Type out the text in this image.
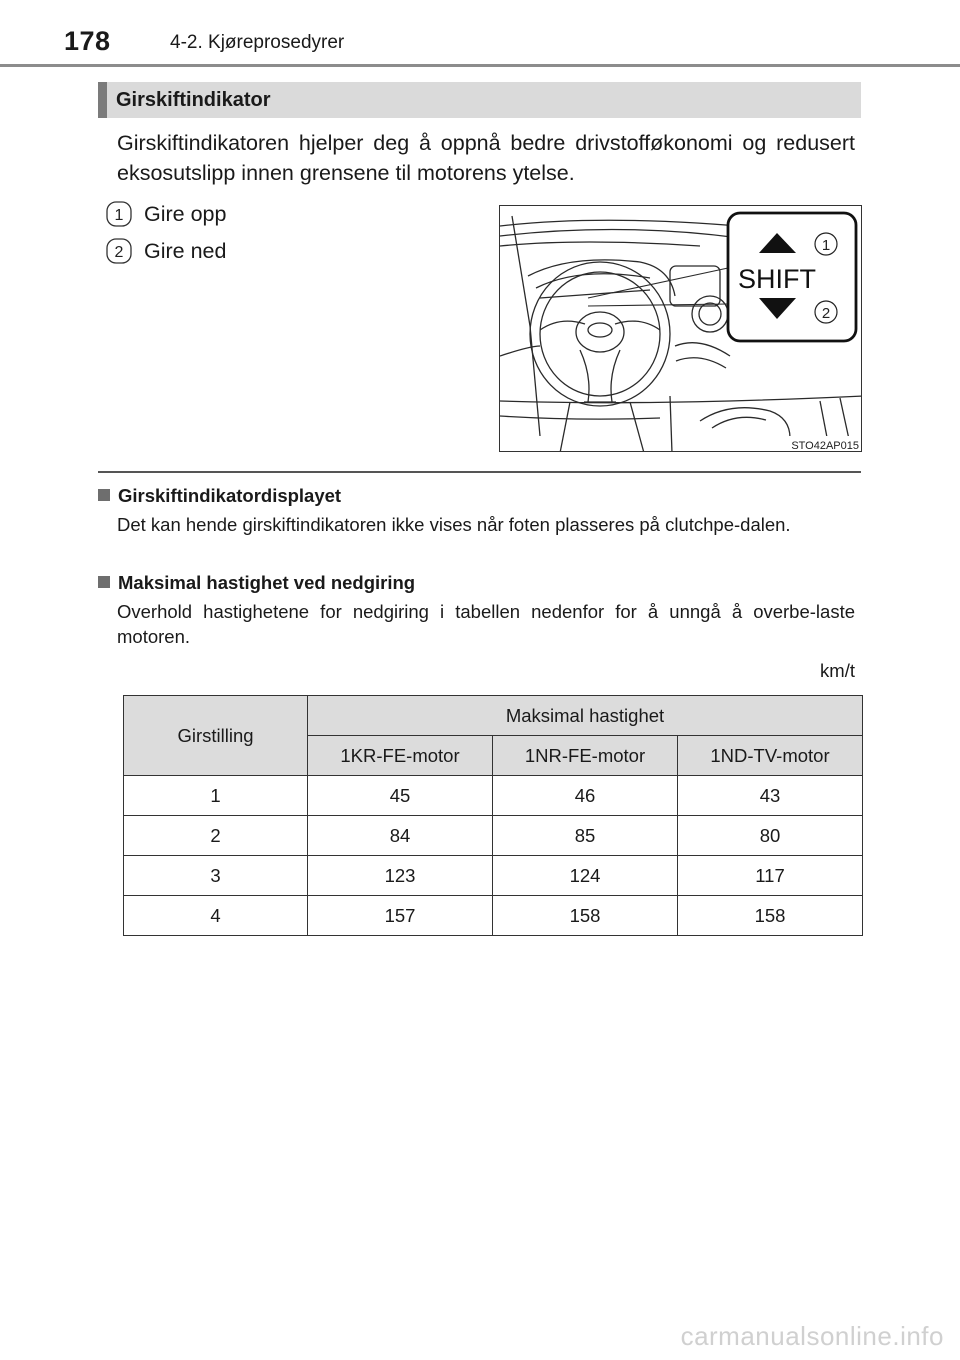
178	4-2. Kjøreprosedyrer
Girskiftindikator
Girskiftindikatoren hjelper deg å oppnå bedre drivstofføkonomi og redusert eksosutslipp innen grensene til motorens ytelse.
1 Gire opp
2 Gire ned
SHIFT
1
2
STO42AP015
Girskiftindikatordisplayet
Det kan hende girskiftindikatoren ikke vises når foten plasseres på clutchpe-dalen.
Maksimal hastighet ved nedgiring
Overhold hastighetene for nedgiring i tabellen nedenfor for å unngå å overbe-laste motoren.
km/t
Girstilling	Maksimal hastighet		
	1KR-FE-motor	1NR-FE-motor	1ND-TV-motor
1	45	46	43
2	84	85	80
3	123	124	117
4	157	158	158
carmanualsonline.info
